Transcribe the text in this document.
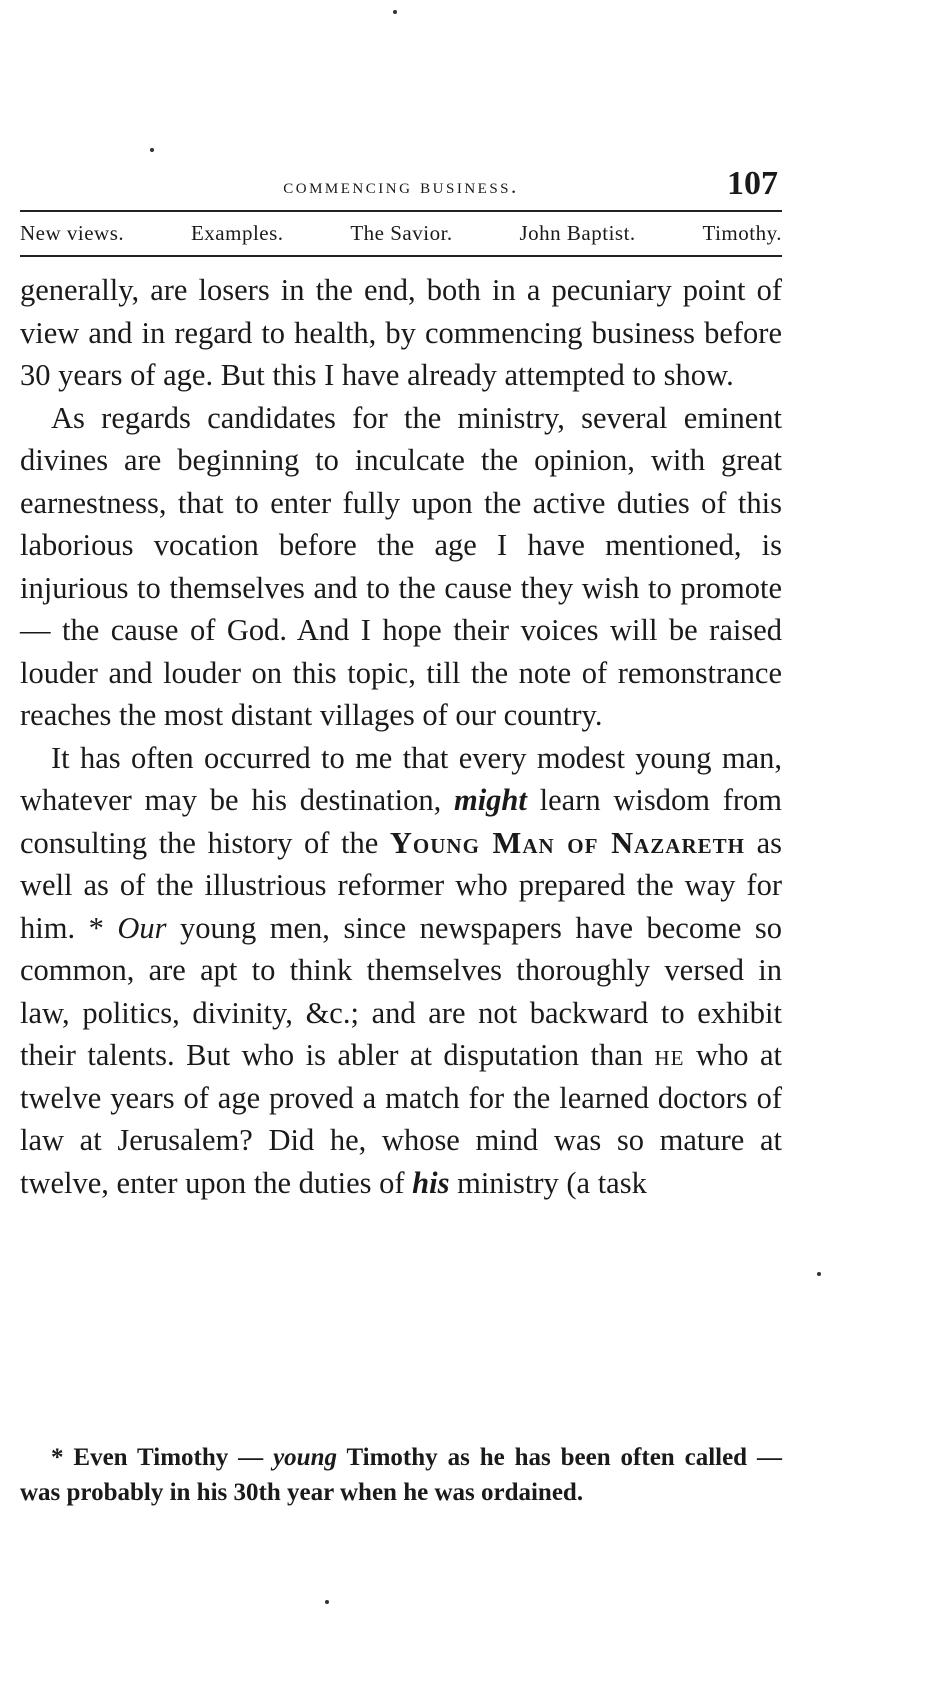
commencing business.	107
New views.	Examples.	The Savior.	John Baptist.	Timothy.

generally, are losers in the end, both in a pecuniary point of view and in regard to health, by commencing business before 30 years of age. But this I have already attempted to show.

As regards candidates for the ministry, several eminent divines are beginning to inculcate the opinion, with great earnestness, that to enter fully upon the active duties of this laborious vocation before the age I have mentioned, is injurious to themselves and to the cause they wish to promote — the cause of God. And I hope their voices will be raised louder and louder on this topic, till the note of remonstrance reaches the most distant villages of our country.

It has often occurred to me that every modest young man, whatever may be his destination, might learn wisdom from consulting the history of the Young Man of Nazareth as well as of the illustrious reformer who prepared the way for him. * Our young men, since newspapers have become so common, are apt to think themselves thoroughly versed in law, politics, divinity, &c.; and are not backward to exhibit their talents. But who is abler at disputation than he who at twelve years of age proved a match for the learned doctors of law at Jerusalem? Did he, whose mind was so mature at twelve, enter upon the duties of his ministry (a task

* Even Timothy — young Timothy as he has been often called — was probably in his 30th year when he was ordained.
